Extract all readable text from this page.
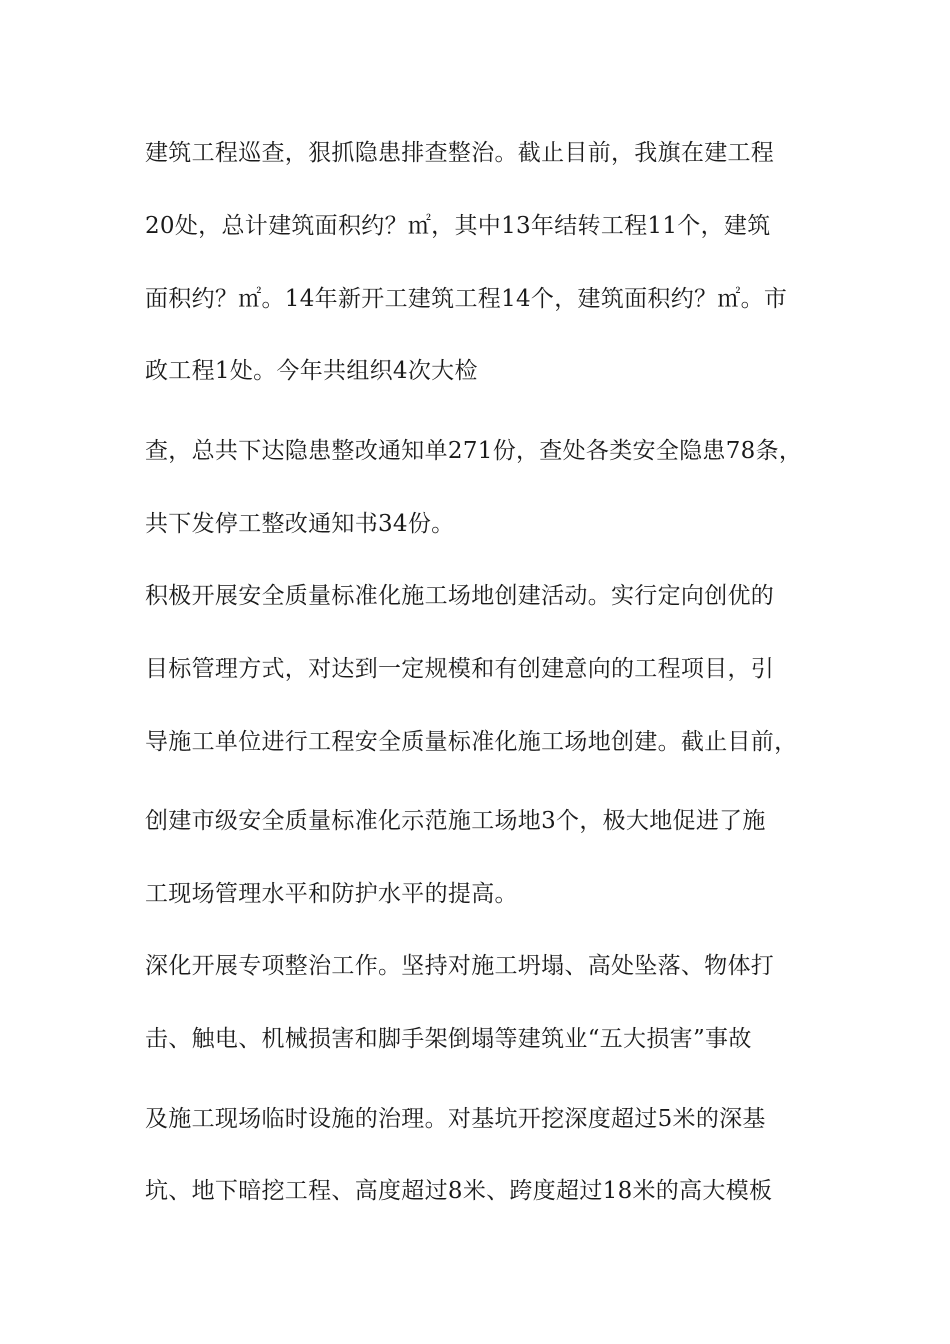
建筑工程巡查，狠抓隐患排查整治。截止目前，我旗在建工程
20处，总计建筑面积约？㎡，其中13年结转工程11个，建筑
面积约？㎡。14年新开工建筑工程14个，建筑面积约？㎡。市
政工程1处。今年共组织4次大检
查，总共下达隐患整改通知单271份，查处各类安全隐患78条，
共下发停工整改通知书34份。
积极开展安全质量标准化施工场地创建活动。实行定向创优的
目标管理方式，对达到一定规模和有创建意向的工程项目，引
导施工单位进行工程安全质量标准化施工场地创建。截止目前，
创建市级安全质量标准化示范施工场地3个，极大地促进了施
工现场管理水平和防护水平的提高。
深化开展专项整治工作。坚持对施工坍塌、高处坠落、物体打
击、触电、机械损害和脚手架倒塌等建筑业“五大损害”事故
及施工现场临时设施的治理。对基坑开挖深度超过5米的深基
坑、地下暗挖工程、高度超过8米、跨度超过18米的高大模板
